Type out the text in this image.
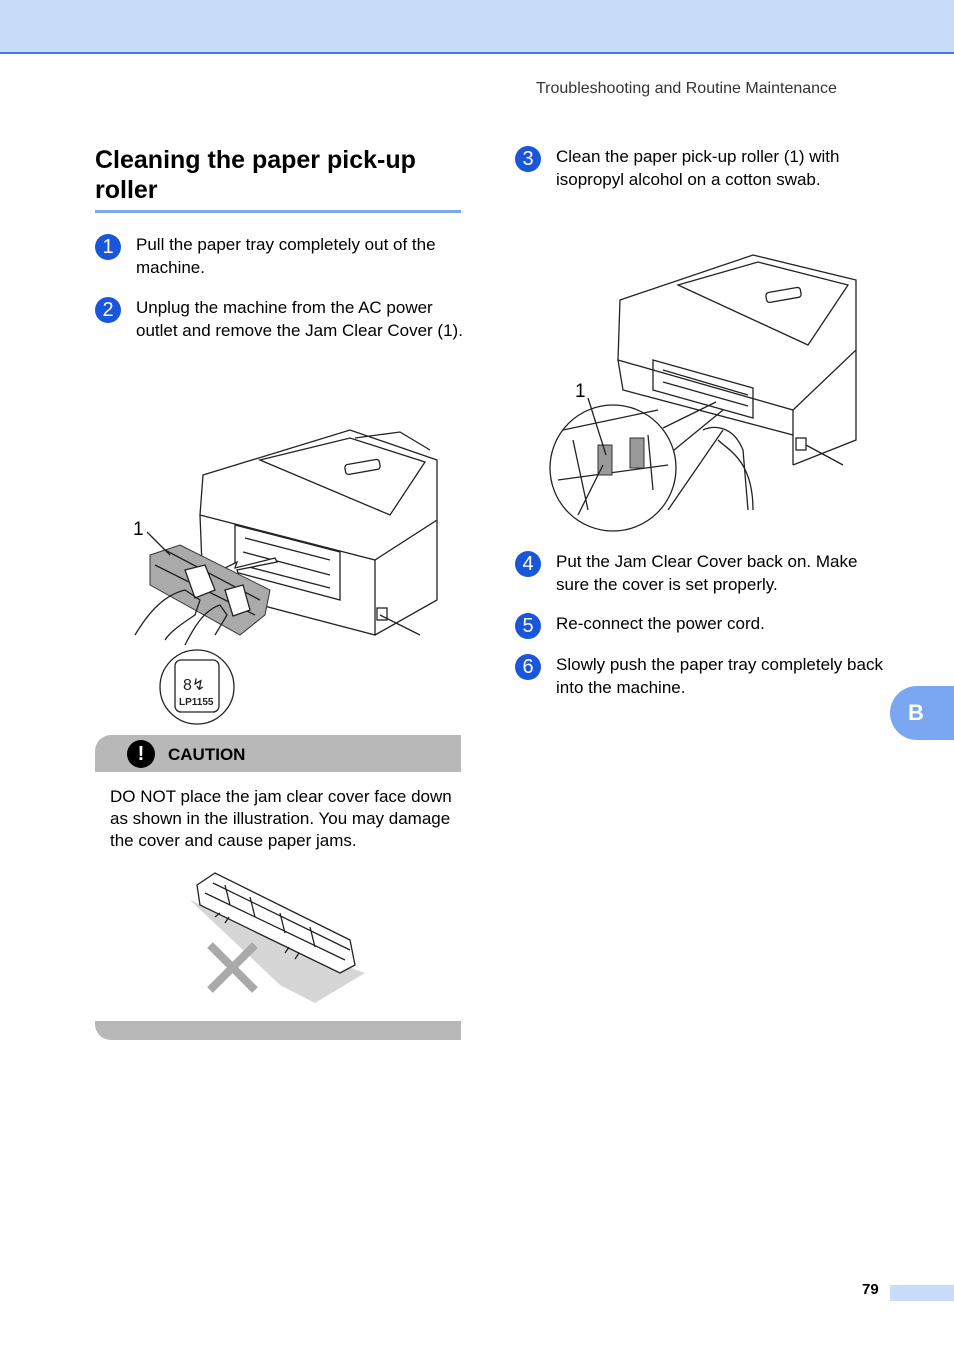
Troubleshooting and Routine Maintenance
Cleaning the paper pick-up roller
1	Pull the paper tray completely out of the machine.
2	Unplug the machine from the AC power outlet and remove the Jam Clear Cover (1).
1
8↯
LP1155
!	CAUTION
DO NOT place the jam clear cover face down as shown in the illustration. You may damage the cover and cause paper jams.
3	Clean the paper pick-up roller (1) with isopropyl alcohol on a cotton swab.
1
4	Put the Jam Clear Cover back on. Make sure the cover is set properly.
5	Re-connect the power cord.
6	Slowly push the paper tray completely back into the machine.
B
79
